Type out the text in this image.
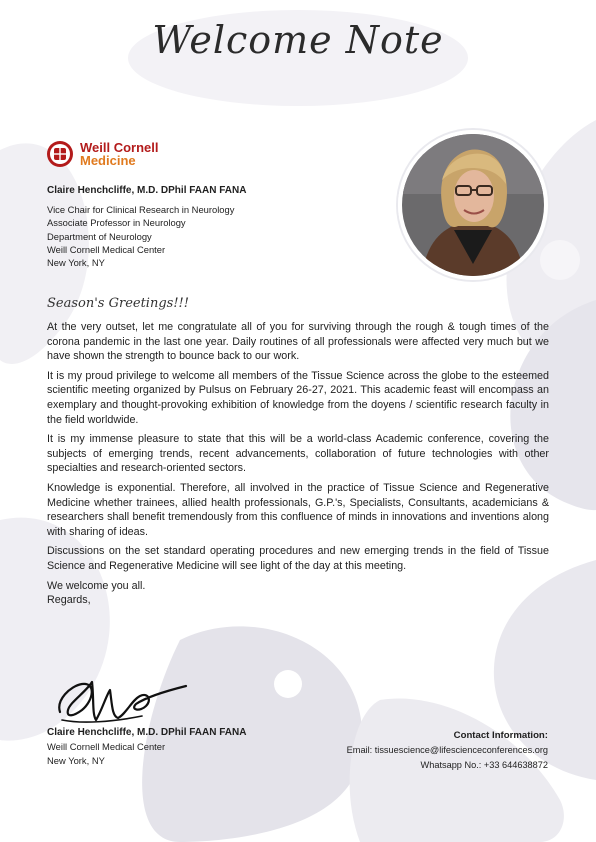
Welcome Note
Weill Cornell
Medicine
Claire Henchcliffe, M.D. DPhil FAAN FANA
Vice Chair for Clinical Research in Neurology
Associate Professor in Neurology
Department of Neurology
Weill Cornell Medical Center
New York, NY
Season's Greetings!!!

At the very outset, let me congratulate all of you for surviving through the rough & tough times of the corona pandemic in the last one year. Daily routines of all professionals were affected very much but we have shown the strength to bounce back to our work.

It is my proud privilege to welcome all members of the Tissue Science across the globe to the esteemed scientific meeting organized by Pulsus on February 26-27, 2021. This academic feast will encompass an exemplary and thought-provoking exhibition of knowledge from the doyens / scientific research faculty in the field worldwide.

It is my immense pleasure to state that this will be a world-class Academic conference, covering the subjects of emerging trends, recent advancements, collaboration of future technologies with other specialties and research-oriented sectors.

Knowledge is exponential. Therefore, all involved in the practice of Tissue Science and Regenerative Medicine whether trainees, allied health professionals, G.P.'s, Specialists, Consultants, academicians & researchers shall benefit tremendously from this confluence of minds in innovations and inventions along with sharing of ideas.

Discussions on the set standard operating procedures and new emerging trends in the field of Tissue Science and Regenerative Medicine will see light of the day at this meeting.

We welcome you all.

Regards,

Claire Henchcliffe, M.D. DPhil FAAN FANA
Weill Cornell Medical Center
New York, NY
Contact Information:
Email: tissuescience@lifescienceconferences.org
Whatsapp No.: +33 644638872
